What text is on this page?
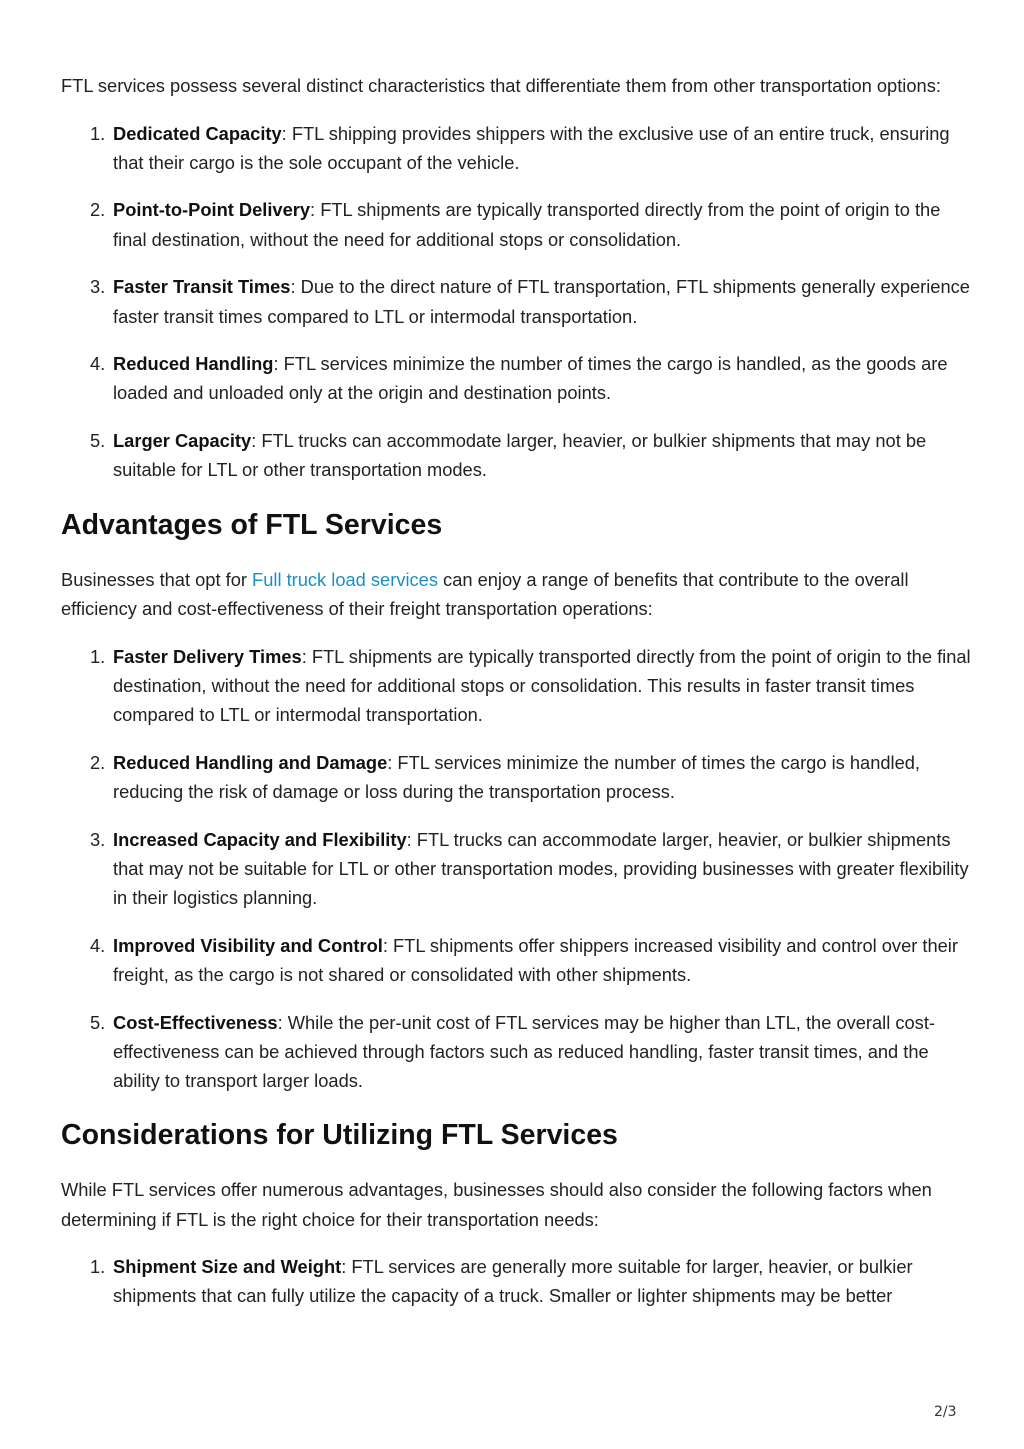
FTL services possess several distinct characteristics that differentiate them from other transportation options:

1. Dedicated Capacity: FTL shipping provides shippers with the exclusive use of an entire truck, ensuring that their cargo is the sole occupant of the vehicle.
2. Point-to-Point Delivery: FTL shipments are typically transported directly from the point of origin to the final destination, without the need for additional stops or consolidation.
3. Faster Transit Times: Due to the direct nature of FTL transportation, FTL shipments generally experience faster transit times compared to LTL or intermodal transportation.
4. Reduced Handling: FTL services minimize the number of times the cargo is handled, as the goods are loaded and unloaded only at the origin and destination points.
5. Larger Capacity: FTL trucks can accommodate larger, heavier, or bulkier shipments that may not be suitable for LTL or other transportation modes.
Advantages of FTL Services

Businesses that opt for Full truck load services can enjoy a range of benefits that contribute to the overall efficiency and cost-effectiveness of their freight transportation operations:

1. Faster Delivery Times: FTL shipments are typically transported directly from the point of origin to the final destination, without the need for additional stops or consolidation. This results in faster transit times compared to LTL or intermodal transportation.
2. Reduced Handling and Damage: FTL services minimize the number of times the cargo is handled, reducing the risk of damage or loss during the transportation process.
3. Increased Capacity and Flexibility: FTL trucks can accommodate larger, heavier, or bulkier shipments that may not be suitable for LTL or other transportation modes, providing businesses with greater flexibility in their logistics planning.
4. Improved Visibility and Control: FTL shipments offer shippers increased visibility and control over their freight, as the cargo is not shared or consolidated with other shipments.
5. Cost-Effectiveness: While the per-unit cost of FTL services may be higher than LTL, the overall cost-effectiveness can be achieved through factors such as reduced handling, faster transit times, and the ability to transport larger loads.
Considerations for Utilizing FTL Services

While FTL services offer numerous advantages, businesses should also consider the following factors when determining if FTL is the right choice for their transportation needs:

1. Shipment Size and Weight: FTL services are generally more suitable for larger, heavier, or bulkier shipments that can fully utilize the capacity of a truck. Smaller or lighter shipments may be better
2/3
